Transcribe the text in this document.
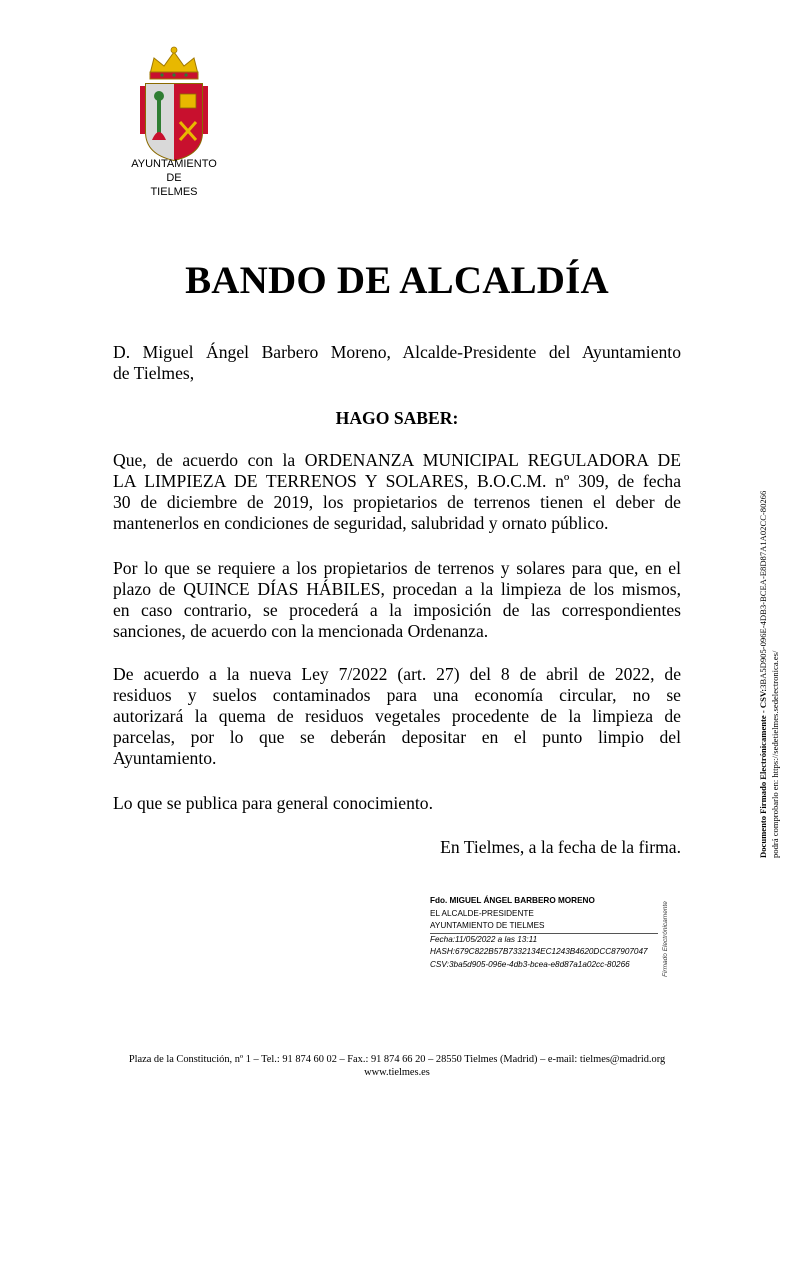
AYUNTAMIENTO
DE
TIELMES
BANDO DE ALCALDÍA
D. Miguel Ángel Barbero Moreno, Alcalde-Presidente del Ayuntamiento
de Tielmes,
HAGO SABER:
Que, de acuerdo con la ORDENANZA MUNICIPAL REGULADORA DE
LA LIMPIEZA DE TERRENOS Y SOLARES, B.O.C.M. nº 309, de fecha
30 de diciembre de 2019, los propietarios de terrenos tienen el deber de
mantenerlos en condiciones de seguridad, salubridad y ornato público.
Por lo que se requiere a los propietarios de terrenos y solares para que, en el
plazo de QUINCE DÍAS HÁBILES, procedan a la limpieza de los mismos,
en caso contrario, se procederá a la imposición de las correspondientes
sanciones, de acuerdo con la mencionada Ordenanza.
De acuerdo a la nueva Ley 7/2022 (art. 27) del 8 de abril de 2022, de
residuos y suelos contaminados para una economía circular, no se
autorizará la quema de residuos vegetales procedente de la limpieza de
parcelas, por lo que se deberán depositar en el punto limpio del
Ayuntamiento.
Lo que se publica para general conocimiento.
En Tielmes, a la fecha de la firma.
Fdo. MIGUEL ÁNGEL BARBERO MORENO
EL ALCALDE-PRESIDENTE
AYUNTAMIENTO DE TIELMES
Fecha:11/05/2022 a las 13:11
HASH:679C822B57B7332134EC1243B4620DCC87907047
CSV:3ba5d905-096e-4db3-bcea-e8d87a1a02cc-80266	Firmado Electrónicamente
Documento Firmado Electrónicamente - CSV:3BA5D905-096E-4DB3-BCEA-E8D87A1A02CC-80266
podrá comprobarlo en: https://sedetielmes.sedelectronica.es/
Plaza de la Constitución, nº 1 – Tel.: 91 874 60 02 – Fax.: 91 874 66 20 – 28550 Tielmes (Madrid) – e-mail: tielmes@madrid.org
www.tielmes.es
